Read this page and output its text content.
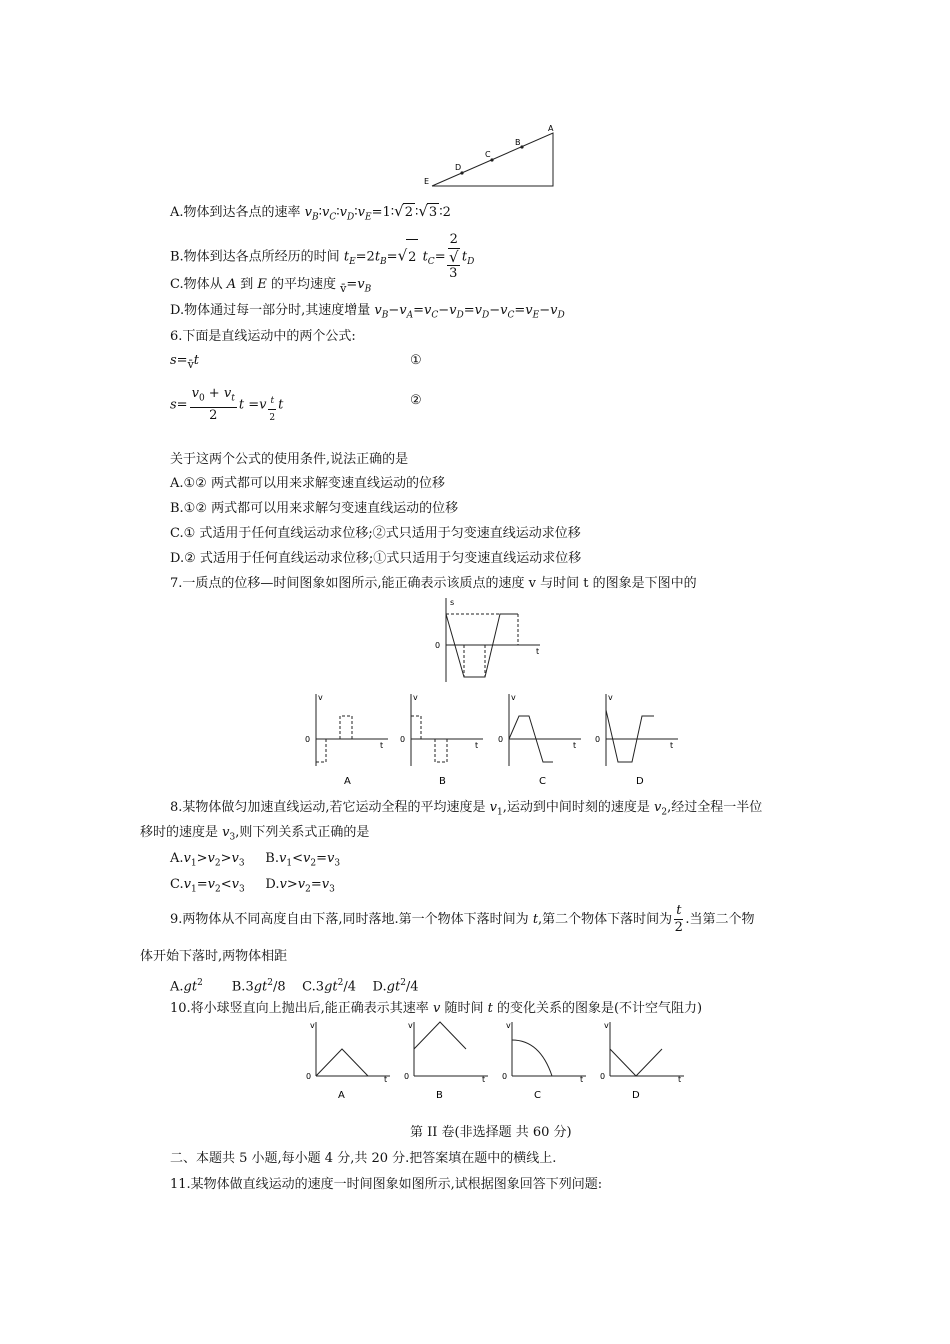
A
B
C
D
E
A.物体到达各点的速率 $v_B∶v_C∶v_D∶v_E=1∶√2$ ∶√3 ∶2
B.物体到达各点所经历的时间 $t_E=2t_B=√2$ $t_C= 2$
√
3 $t_D$
C.物体从 A 到 E 的平均速度 $_{v̄}=v_B$
D.物体通过每一部分时,其速度增量 $v_B-v_A=v_C-v_D=v_D-v_C=v_E-v_D$
6.下面是直线运动中的两个公式:
$s=_{v̄}t$	①
$s= \frac{v_0 + v_t}{2}$ t =v $_{\frac{t}{2}}$ t	②
关于这两个公式的使用条件,说法正确的是
A.①② 两式都可以用来求解变速直线运动的位移
B.①② 两式都可以用来求解匀变速直线运动的位移
C.① 式适用于任何直线运动求位移;②式只适用于匀变速直线运动求位移
D.② 式适用于任何直线运动求位移;①式只适用于匀变速直线运动求位移
7.一质点的位移—时间图象如图所示,能正确表示该质点的速度 v 与时间 t 的图象是下图中的
s
0
t
v
0
t
A
v
0
t
B
v
0
t
C
v
0
t
D
8.某物体做匀加速直线运动,若它运动全程的平均速度是 $v_1$,运动到中间时刻的速度是 $v_2$,经过全程一半位
移时的速度是 $v_3$,则下列关系式正确的是
$A.v_1>v_2>v_3$     $B.v_1<v_2=v_3$
$C.v_1=v_2<v_3$     $D.v>v_2=v_3$
9.两物体从不同高度自由下落,同时落地.第一个物体下落时间为 t,第二个物体下落时间为 $\frac{t}{2}$ .当第二个物
体开始下落时,两物体相距
$A.gt^2$       $B.3gt^2/8$    $C.3gt^2/4$    $D.gt^2/4$
10.将小球竖直向上抛出后,能正确表示其速率 v 随时间 t 的变化关系的图象是(不计空气阻力)
v
0	t
A
v
0	t
B
v
0	t
C
v
0	t
D
第 II 卷(非选择题 共 60 分)
二、本题共 5 小题,每小题 4 分,共 20 分.把答案填在题中的横线上.
11.某物体做直线运动的速度一时间图象如图所示,试根据图象回答下列问题:
